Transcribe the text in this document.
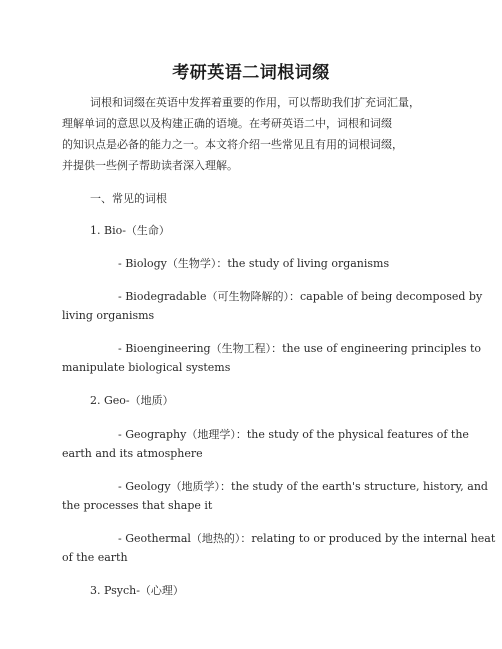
考研英语二词根词缀
词根和词缀在英语中发挥着重要的作用，可以帮助我们扩充词汇量，
理解单词的意思以及构建正确的语境。在考研英语二中，词根和词缀
的知识点是必备的能力之一。本文将介绍一些常见且有用的词根词缀，
并提供一些例子帮助读者深入理解。
一、常见的词根
1. Bio-（生命）
- Biology（生物学）：the study of living organisms
- Biodegradable（可生物降解的）：capable of being decomposed by
living organisms
- Bioengineering（生物工程）：the use of engineering principles to
manipulate biological systems
2. Geo-（地质）
- Geography（地理学）：the study of the physical features of the
earth and its atmosphere
- Geology（地质学）：the study of the earth's structure, history, and
the processes that shape it
- Geothermal（地热的）：relating to or produced by the internal heat
of the earth
3. Psych-（心理）
